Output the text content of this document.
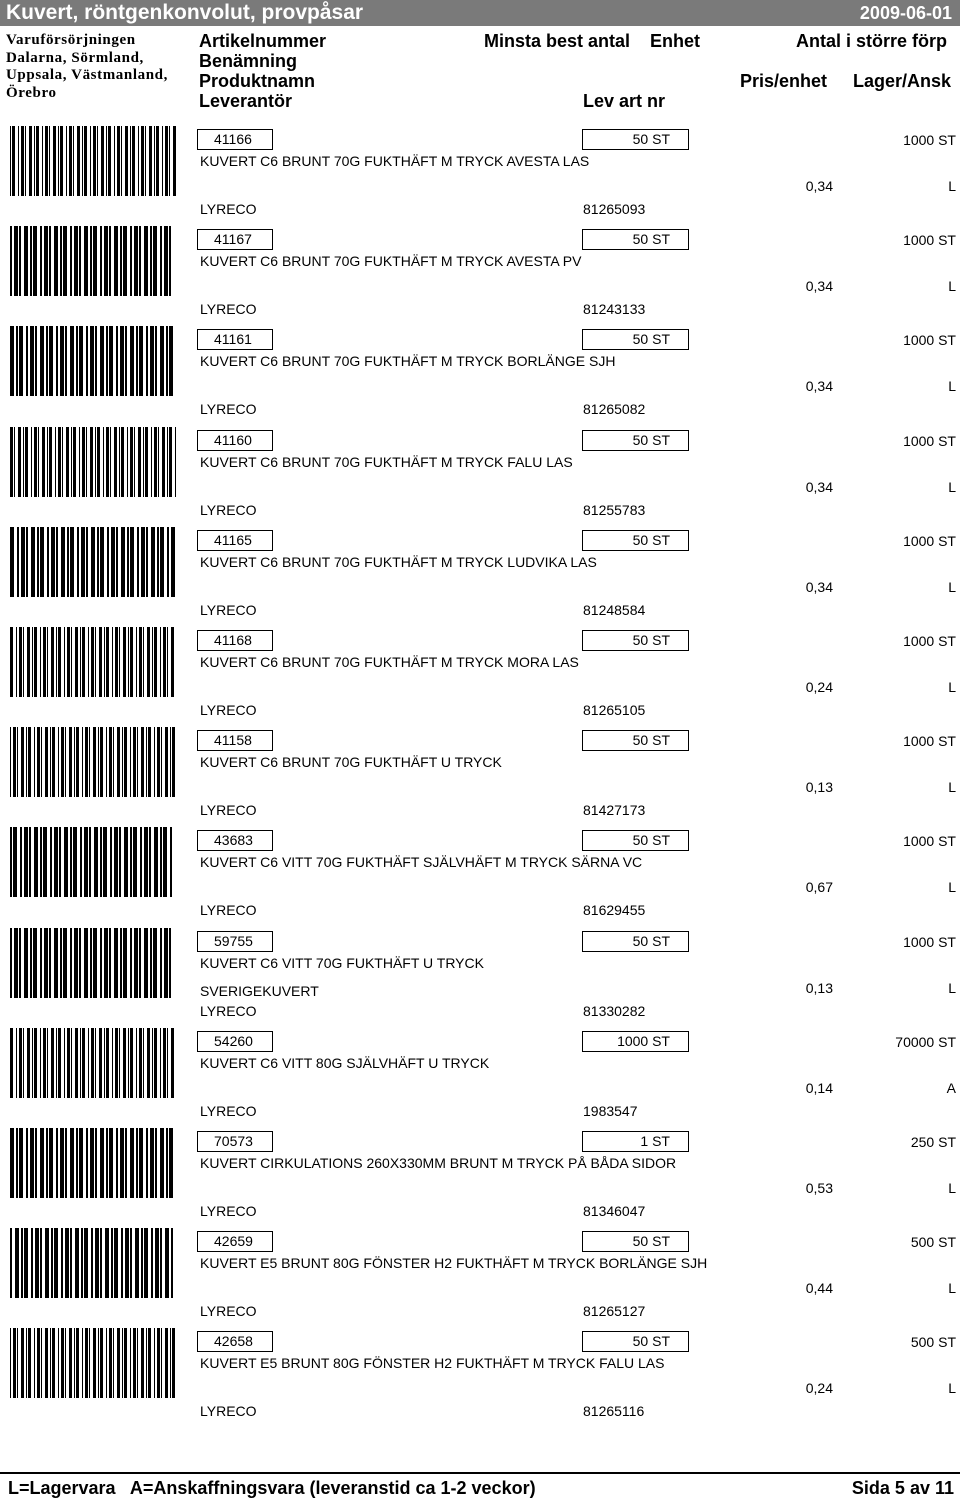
Kuvert, röntgenkonvolut, provpåsar	2009-06-01
Varuförsörjningen
Dalarna, Sörmland,
Uppsala, Västmanland,
Örebro
Artikelnummer
Benämning
Produktnamn
Leverantör
Minsta best antal Enhet
Lev art nr
Antal i större förp
Pris/enhet Lager/Ansk
41166	50 ST	1000 ST
KUVERT C6 BRUNT 70G FUKTHÄFT M TRYCK AVESTA LAS
0,34	L
LYRECO	81265093
41167	50 ST	1000 ST
KUVERT C6 BRUNT 70G FUKTHÄFT M TRYCK AVESTA PV
0,34	L
LYRECO	81243133
41161	50 ST	1000 ST
KUVERT C6 BRUNT 70G FUKTHÄFT M TRYCK BORLÄNGE SJH
0,34	L
LYRECO	81265082
41160	50 ST	1000 ST
KUVERT C6 BRUNT 70G FUKTHÄFT M TRYCK FALU LAS
0,34	L
LYRECO	81255783
41165	50 ST	1000 ST
KUVERT C6 BRUNT 70G FUKTHÄFT M TRYCK LUDVIKA LAS
0,34	L
LYRECO	81248584
41168	50 ST	1000 ST
KUVERT C6 BRUNT 70G FUKTHÄFT M TRYCK MORA LAS
0,24	L
LYRECO	81265105
41158	50 ST	1000 ST
KUVERT C6 BRUNT 70G FUKTHÄFT U TRYCK
0,13	L
LYRECO	81427173
43683	50 ST	1000 ST
KUVERT C6 VITT 70G FUKTHÄFT SJÄLVHÄFT M TRYCK SÄRNA VC
0,67	L
LYRECO	81629455
59755	50 ST	1000 ST
KUVERT C6 VITT 70G FUKTHÄFT U TRYCK
SVERIGEKUVERT	0,13	L
LYRECO	81330282
54260	1000 ST	70000 ST
KUVERT C6 VITT 80G SJÄLVHÄFT U TRYCK
0,14	A
LYRECO	1983547
70573	1 ST	250 ST
KUVERT CIRKULATIONS 260X330MM BRUNT M TRYCK PÅ BÅDA SIDOR
0,53	L
LYRECO	81346047
42659	50 ST	500 ST
KUVERT E5 BRUNT 80G FÖNSTER H2 FUKTHÄFT M TRYCK BORLÄNGE SJH
0,44	L
LYRECO	81265127
42658	50 ST	500 ST
KUVERT E5 BRUNT 80G FÖNSTER H2 FUKTHÄFT M TRYCK FALU LAS
0,24	L
LYRECO	81265116
L=Lagervara   A=Anskaffningsvara (leveranstid ca 1-2 veckor)	Sida 5 av 11
